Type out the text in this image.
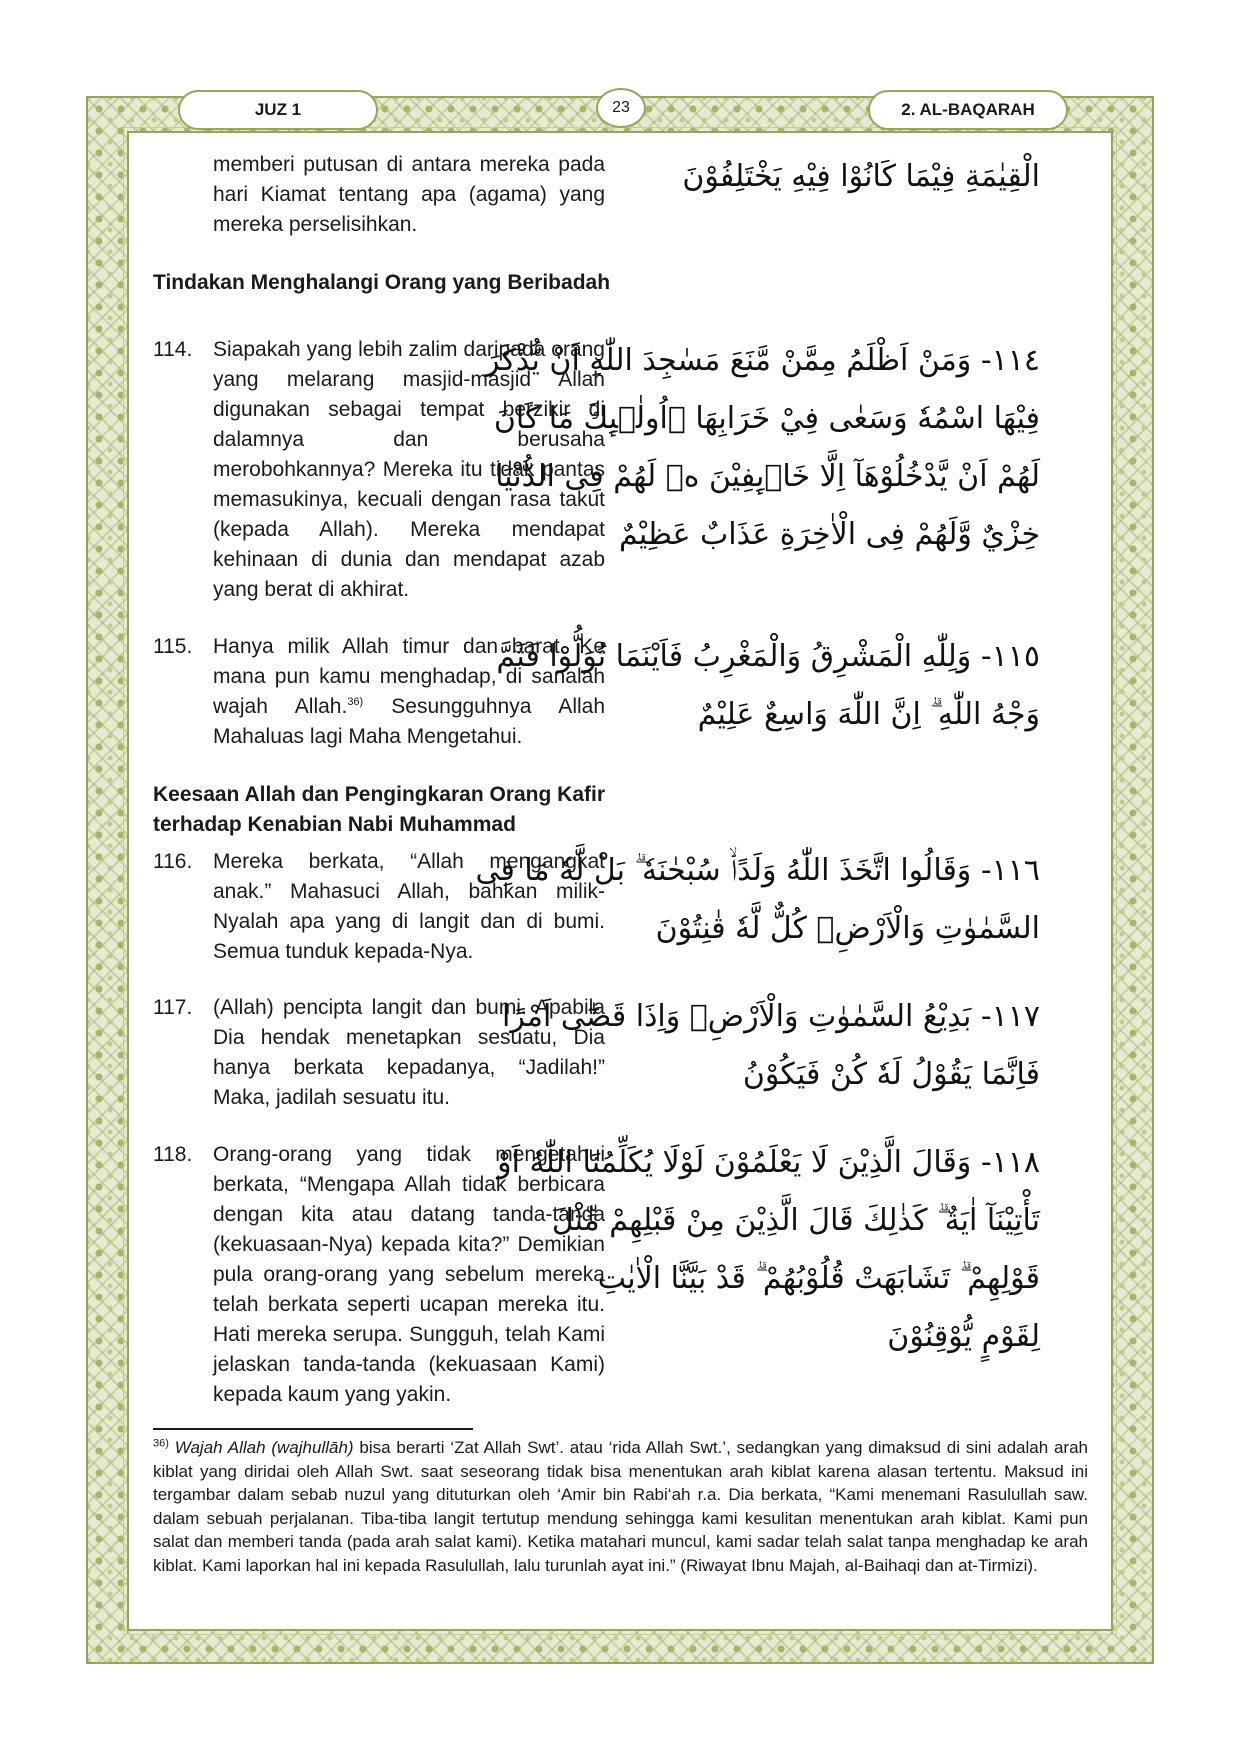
JUZ 1	23	2. AL-BAQARAH
memberi putusan di antara mereka pada hari Kiamat tentang apa (agama) yang mereka perselisihkan.
الْقِيٰمَةِ فِيْمَا كَانُوْا فِيْهِ يَخْتَلِفُوْنَ
Tindakan Menghalangi Orang yang Beribadah
114. Siapakah yang lebih zalim daripada orang yang melarang masjid-masjid Allah digunakan sebagai tempat berzikir di dalamnya dan berusaha merobohkannya? Mereka itu tidak pantas memasukinya, kecuali dengan rasa takut (kepada Allah). Mereka mendapat kehinaan di dunia dan mendapat azab yang berat di akhirat.
١١٤- وَمَنْ اَظْلَمُ مِمَّنْ مَّنَعَ مَسٰجِدَ اللّٰهِ اَنْ يُّذْكَرَ
فِيْهَا اسْمُهٗ وَسَعٰى فِيْ خَرَابِهَا ۗاُولٰۤىِٕكَ مَا كَانَ
لَهُمْ اَنْ يَّدْخُلُوْهَآ اِلَّا خَاۤىِٕفِيْنَ ەۗ لَهُمْ فِى الدُّنْيَا
خِزْيٌ وَّلَهُمْ فِى الْاٰخِرَةِ عَذَابٌ عَظِيْمٌ
115. Hanya milik Allah timur dan barat. Ke mana pun kamu menghadap, di sanalah wajah Allah.$^{36)}$ Sesungguhnya Allah Mahaluas lagi Maha Mengetahui.
١١٥- وَلِلّٰهِ الْمَشْرِقُ وَالْمَغْرِبُ فَاَيْنَمَا تُوَلُّوْا فَثَمَّ
وَجْهُ اللّٰهِ ۗ اِنَّ اللّٰهَ وَاسِعٌ عَلِيْمٌ
Keesaan Allah dan Pengingkaran Orang Kafir terhadap Kenabian Nabi Muhammad
116. Mereka berkata, “Allah mengangkat anak.” Mahasuci Allah, bahkan milik-Nyalah apa yang di langit dan di bumi. Semua tunduk kepada-Nya.
١١٦- وَقَالُوا اتَّخَذَ اللّٰهُ وَلَدًاۙ سُبْحٰنَهٗ ۗ بَلْ لَّهٗ مَا فِى
السَّمٰوٰتِ وَالْاَرْضِۗ كُلٌّ لَّهٗ قٰنِتُوْنَ
117. (Allah) pencipta langit dan bumi. Apabila Dia hendak menetapkan sesuatu, Dia hanya berkata kepadanya, “Jadilah!” Maka, jadilah sesuatu itu.
١١٧- بَدِيْعُ السَّمٰوٰتِ وَالْاَرْضِۗ وَاِذَا قَضٰٓى اَمْرًا
فَاِنَّمَا يَقُوْلُ لَهٗ كُنْ فَيَكُوْنُ
118. Orang-orang yang tidak mengetahui berkata, “Mengapa Allah tidak berbicara dengan kita atau datang tanda-tanda (kekuasaan-Nya) kepada kita?” Demikian pula orang-orang yang sebelum mereka telah berkata seperti ucapan mereka itu. Hati mereka serupa. Sungguh, telah Kami jelaskan tanda-tanda (kekuasaan Kami) kepada kaum yang yakin.
١١٨- وَقَالَ الَّذِيْنَ لَا يَعْلَمُوْنَ لَوْلَا يُكَلِّمُنَا اللّٰهُ اَوْ
تَأْتِيْنَآ اٰيَةٌ ۗ كَذٰلِكَ قَالَ الَّذِيْنَ مِنْ قَبْلِهِمْ مِّثْلَ
قَوْلِهِمْ ۗ تَشَابَهَتْ قُلُوْبُهُمْ ۗ قَدْ بَيَّنَّا الْاٰيٰتِ
لِقَوْمٍ يُّوْقِنُوْنَ
$^{36)}$ Wajah Allah (wajhullāh) bisa berarti ‘Zat Allah Swt’. atau ‘rida Allah Swt.’, sedangkan yang dimaksud di sini adalah arah kiblat yang diridai oleh Allah Swt. saat seseorang tidak bisa menentukan arah kiblat karena alasan tertentu. Maksud ini tergambar dalam sebab nuzul yang dituturkan oleh ‘Amir bin Rabi‘ah r.a. Dia berkata, “Kami menemani Rasulullah saw. dalam sebuah perjalanan. Tiba-tiba langit tertutup mendung sehingga kami kesulitan menentukan arah kiblat. Kami pun salat dan memberi tanda (pada arah salat kami). Ketika matahari muncul, kami sadar telah salat tanpa menghadap ke arah kiblat. Kami laporkan hal ini kepada Rasulullah, lalu turunlah ayat ini.” (Riwayat Ibnu Majah, al-Baihaqi dan at-Tirmizi).
